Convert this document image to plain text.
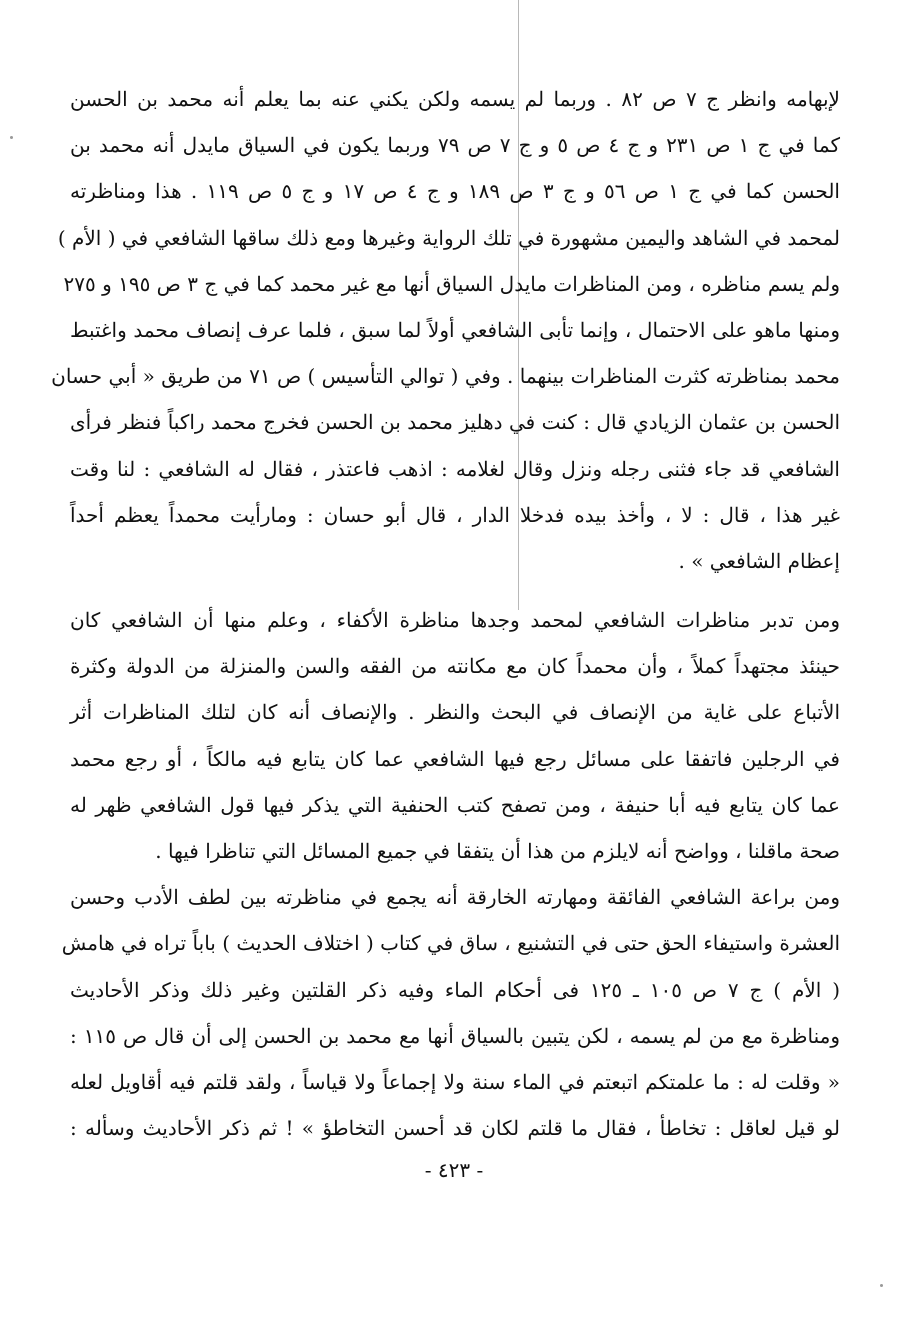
لإبهامه وانظر ج ٧ ص ٨٢ . وربما لم يسمه ولكن يكني عنه بما يعلم أنه محمد بن الحسن
كما في ج ١ ص ٢٣١ و ج ٤ ص ٥ و ج ٧ ص ٧٩ وربما يكون في السياق مايدل أنه محمد بن
الحسن كما في ج ١ ص ٥٦ و ج ٣ ص ١٨٩ و ج ٤ ص ١٧ و ج ٥ ص ١١٩ . هذا ومناظرته
لمحمد في الشاهد واليمين مشهورة في تلك الرواية وغيرها ومع ذلك ساقها الشافعي في ( الأم )
ولم يسم مناظره ، ومن المناظرات مايدل السياق أنها مع غير محمد كما في ج ٣ ص ١٩٥ و ٢٧٥
ومنها ماهو على الاحتمال ، وإنما تأبى الشافعي أولاً لما سبق ، فلما عرف إنصاف محمد واغتبط
محمد بمناظرته كثرت المناظرات بينهما . وفي ( توالي التأسيس ) ص ٧١ من طريق « أبي حسان
الحسن بن عثمان الزيادي قال : كنت في دهليز محمد بن الحسن فخرج محمد راكباً فنظر فرأى
الشافعي قد جاء فثنى رجله ونزل وقال لغلامه : اذهب فاعتذر ، فقال له الشافعي : لنا وقت
غير هذا ، قال : لا ، وأخذ بيده فدخلا الدار ، قال أبو حسان : ومارأيت محمداً يعظم أحداً
إعظام الشافعي » .
ومن تدبر مناظرات الشافعي لمحمد وجدها مناظرة الأكفاء ، وعلم منها أن الشافعي كان
حينئذ مجتهداً كملاً ، وأن محمداً كان مع مكانته من الفقه والسن والمنزلة من الدولة وكثرة
الأتباع على غاية من الإنصاف في البحث والنظر . والإنصاف أنه كان لتلك المناظرات أثر
في الرجلين فاتفقا على مسائل رجع فيها الشافعي عما كان يتابع فيه مالكاً ، أو رجع محمد
عما كان يتابع فيه أبا حنيفة ، ومن تصفح كتب الحنفية التي يذكر فيها قول الشافعي ظهر له
صحة ماقلنا ، وواضح أنه لايلزم من هذا أن يتفقا في جميع المسائل التي تناظرا فيها .
ومن براعة الشافعي الفائقة ومهارته الخارقة أنه يجمع في مناظرته بين لطف الأدب وحسن
العشرة واستيفاء الحق حتى في التشنيع ، ساق في كتاب ( اختلاف الحديث ) باباً تراه في هامش
( الأم ) ج ٧ ص ١٠٥ ـ ١٢٥ فى أحكام الماء وفيه ذكر القلتين وغير ذلك وذكر الأحاديث
ومناظرة مع من لم يسمه ، لكن يتبين بالسياق أنها مع محمد بن الحسن إلى أن قال ص ١١٥ :
« وقلت له : ما علمتكم اتبعتم في الماء سنة ولا إجماعاً ولا قياساً ، ولقد قلتم فيه أقاويل لعله
لو قيل لعاقل : تخاطأ ، فقال ما قلتم لكان قد أحسن التخاطؤ » ! ثم ذكر الأحاديث وسأله :
- ٤٢٣ -
